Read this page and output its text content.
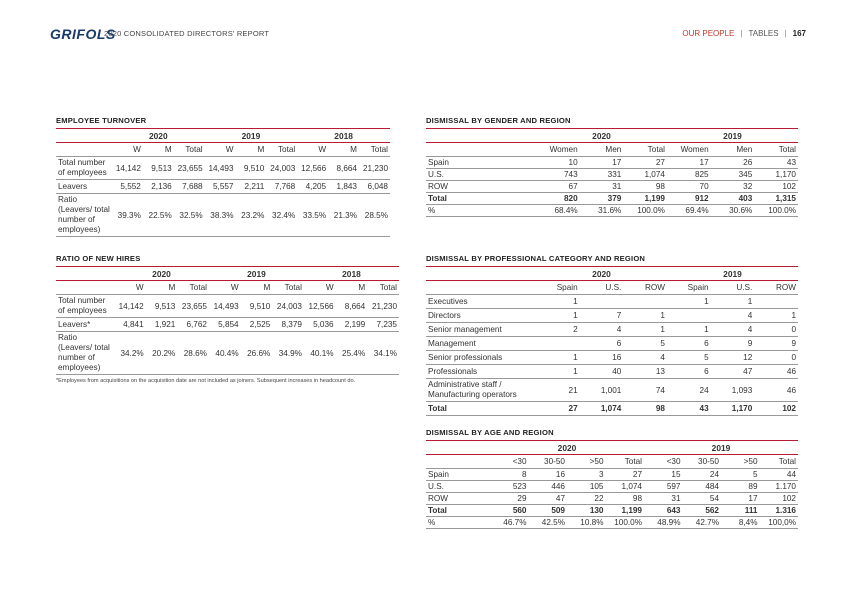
GRIFOLS
2020 CONSOLIDATED DIRECTORS' REPORT	OUR PEOPLE | TABLES | 167
EMPLOYEE TURNOVER
	2020			2019			2018		
	W	M	Total	W	M	Total	W	M	Total
Total number of employees	14,142	9,513	23,655	14,493	9,510	24,003	12,566	8,664	21,230
Leavers	5,552	2,136	7,688	5,557	2,211	7,768	4,205	1,843	6,048
Ratio (Leavers/ total number of employees)	39.3%	22.5%	32.5%	38.3%	23.2%	32.4%	33.5%	21.3%	28.5%
RATIO OF NEW HIRES
	2020			2019			2018		
	W	M	Total	W	M	Total	W	M	Total
Total number of employees	14,142	9,513	23,655	14,493	9,510	24,003	12,566	8,664	21,230
Leavers*	4,841	1,921	6,762	5,854	2,525	8,379	5,036	2,199	7,235
Ratio (Leavers/ total number of employees)	34.2%	20.2%	28.6%	40.4%	26.6%	34.9%	40.1%	25.4%	34.1%
*Employees from acquisitions on the acquisition date are not included as joiners. Subsequent increases in headcount do.
DISMISSAL BY GENDER AND REGION
	2020			2019		
	Women	Men	Total	Women	Men	Total
Spain	10	17	27	17	26	43
U.S.	743	331	1,074	825	345	1,170
ROW	67	31	98	70	32	102
Total	820	379	1,199	912	403	1,315
%	68.4%	31.6%	100.0%	69.4%	30.6%	100.0%
DISMISSAL BY PROFESSIONAL CATEGORY AND REGION
	2020			2019		
	Spain	U.S.	ROW	Spain	U.S.	ROW
Executives	1			1	1	
Directors	1	7	1		4	1
Senior management	2	4	1	1	4	0
Management		6	5	6	9	9
Senior professionals	1	16	4	5	12	0
Professionals	1	40	13	6	47	46
Administrative staff / Manufacturing operators	21	1,001	74	24	1,093	46
Total	27	1,074	98	43	1,170	102
DISMISSAL BY AGE AND REGION
	2020				2019			
	<30	30-50	>50	Total	<30	30-50	>50	Total
Spain	8	16	3	27	15	24	5	44
U.S.	523	446	105	1,074	597	484	89	1.170
ROW	29	47	22	98	31	54	17	102
Total	560	509	130	1,199	643	562	111	1.316
%	46.7%	42.5%	10.8%	100.0%	48.9%	42.7%	8,4%	100,0%
